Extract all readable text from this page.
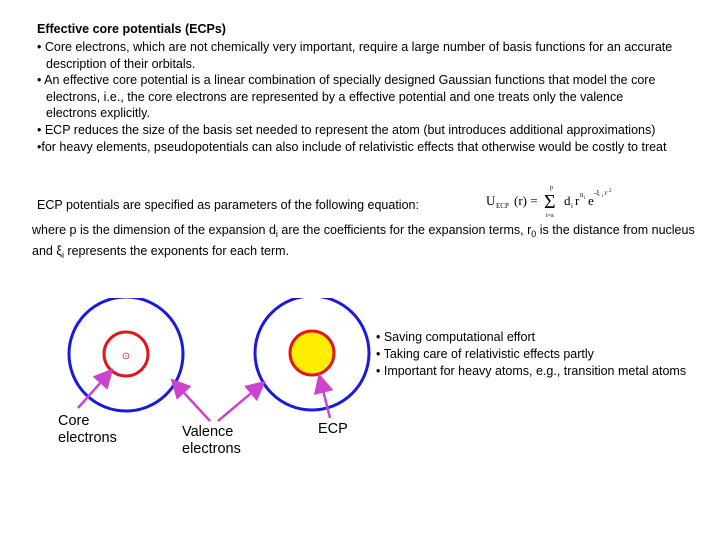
Effective core potentials (ECPs)

• Core electrons, which are not chemically very important, require a large number of basis functions for an accurate description of their orbitals.

• An effective core potential is a linear combination of specially designed Gaussian functions that model the core electrons, i.e., the core electrons are represented by a effective potential and one treats only the valence electrons explicitly.

• ECP reduces the size of the basis set needed to represent the atom (but introduces additional approximations)

•for heavy elements, pseudopotentials can also include of relativistic effects that otherwise would be costly to treat

ECP potentials are specified as parameters of the following equation:	U ECP (r) =
p
Σ
i=a
d i r n i e -ξ i r 2
where p is the dimension of the expansion $d_i$ are the coefficients for the expansion terms, $r_0$ is the distance from nucleus and $\xi_i$ represents the exponents for each term.
⊙
Core
electrons	Valence
electrons
ECP

• Saving computational effort

• Taking care of relativistic effects partly

• Important for heavy atoms, e.g., transition metal atoms
